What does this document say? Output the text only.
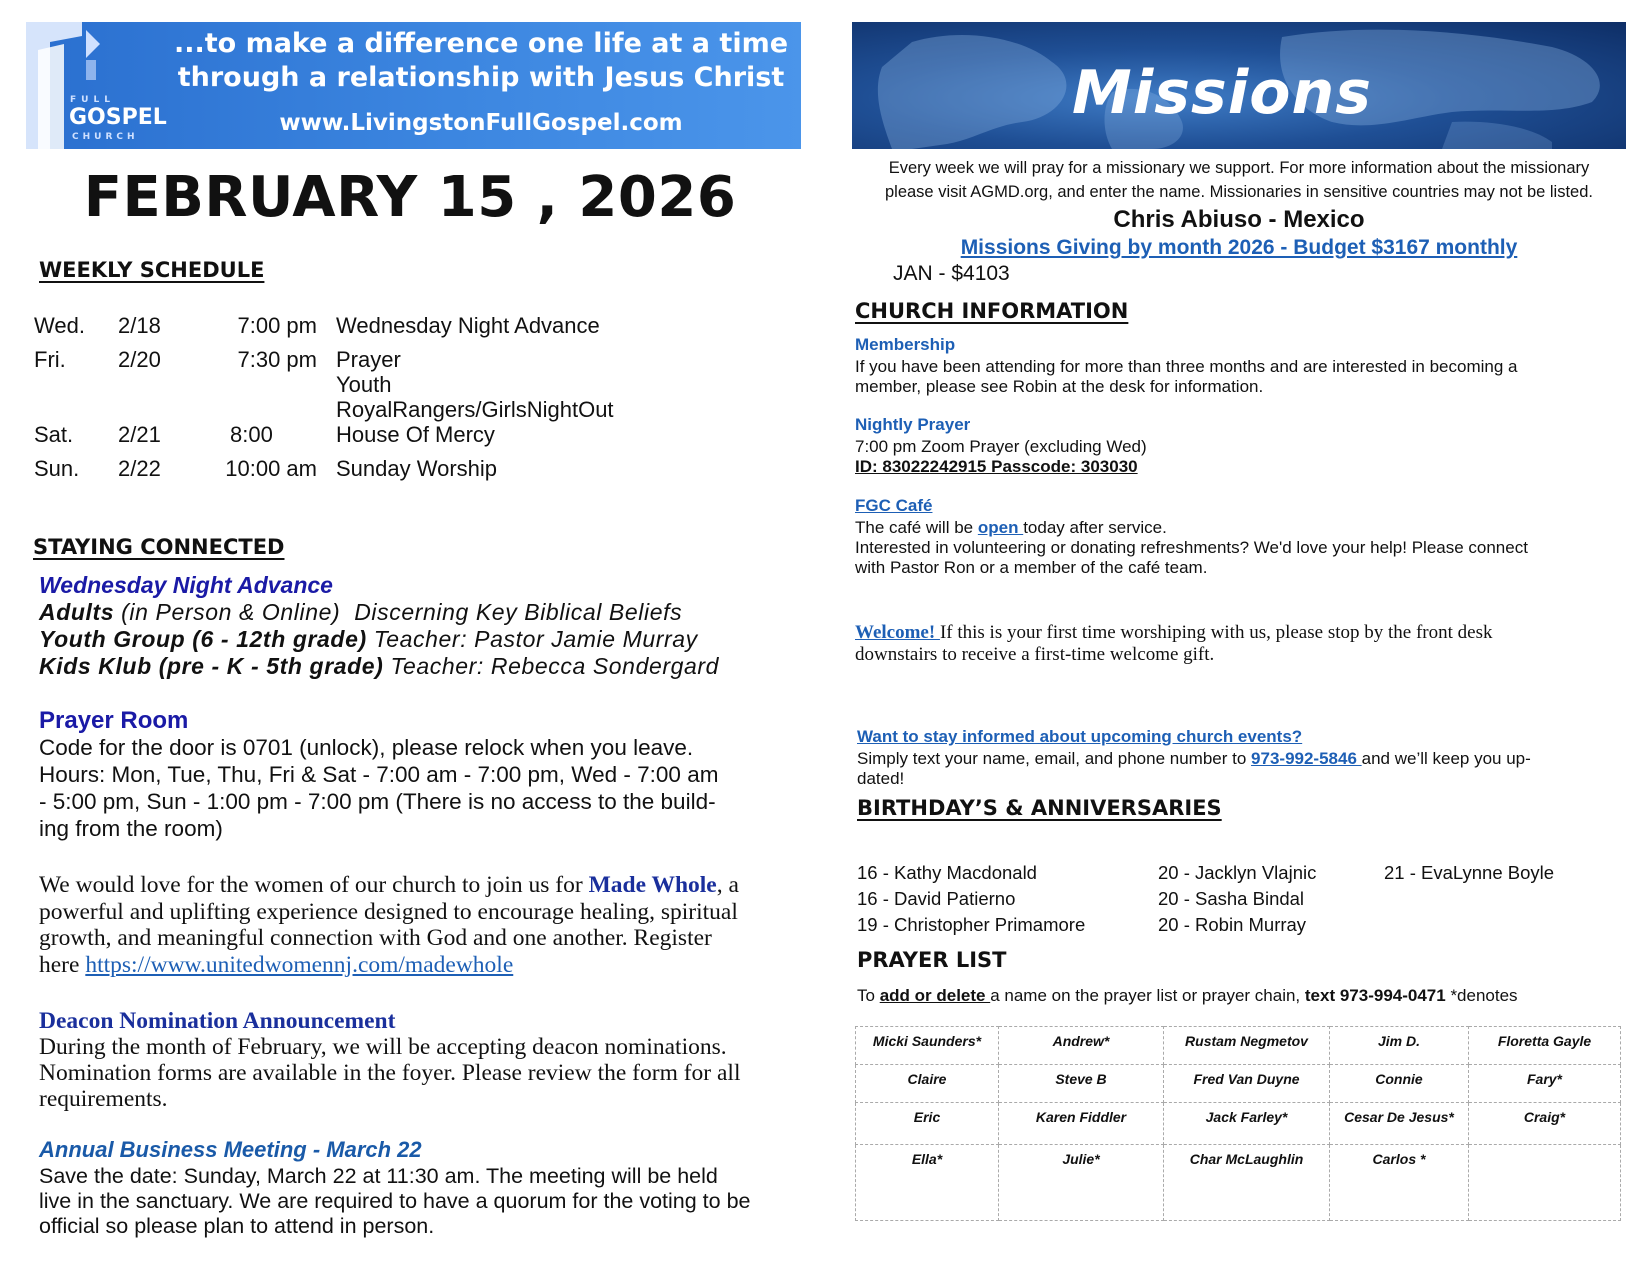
FULL
GOSPEL
CHURCH
...to make a difference one life at a time
through a relationship with Jesus Christ
www.LivingstonFullGospel.com
FEBRUARY 15 , 2026
WEEKLY SCHEDULE
Wed. 2/18	7:00 pm Wednesday Night Advance
Fri. 2/20	7:30 pm Prayer
Youth
RoyalRangers/GirlsNightOut
Sat. 2/21	8:00	House Of Mercy
Sun. 2/22	10:00 am Sunday Worship
STAYING CONNECTED
Wednesday Night Advance
Adults (in Person & Online)  Discerning Key Biblical Beliefs
Youth Group (6 - 12th grade) Teacher: Pastor Jamie Murray
Kids Klub (pre - K - 5th grade) Teacher: Rebecca Sondergard
Prayer Room
Code for the door is 0701 (unlock), please relock when you leave.
Hours: Mon, Tue, Thu, Fri & Sat - 7:00 am - 7:00 pm, Wed - 7:00 am
- 5:00 pm, Sun - 1:00 pm - 7:00 pm (There is no access to the build-
ing from the room)
We would love for the women of our church to join us for Made Whole, a
powerful and uplifting experience designed to encourage healing, spiritual
growth, and meaningful connection with God and one another. Register
here https://www.unitedwomennj.com/madewhole
Deacon Nomination Announcement
During the month of February, we will be accepting deacon nominations.
Nomination forms are available in the foyer. Please review the form for all
requirements.
Annual Business Meeting - March 22
Save the date: Sunday, March 22 at 11:30 am. The meeting will be held
live in the sanctuary. We are required to have a quorum for the voting to be
official so please plan to attend in person.
Missions
Every week we will pray for a missionary we support. For more information about the missionary
please visit AGMD.org, and enter the name. Missionaries in sensitive countries may not be listed.
Chris Abiuso - Mexico
Missions Giving by month 2026 - Budget $3167 monthly
JAN - $4103
CHURCH INFORMATION
Membership
If you have been attending for more than three months and are interested in becoming a
member, please see Robin at the desk for information.
Nightly Prayer
7:00 pm Zoom Prayer (excluding Wed)
ID: 83022242915 Passcode: 303030
FGC Café
The café will be open today after service.
Interested in volunteering or donating refreshments? We'd love your help! Please connect
with Pastor Ron or a member of the café team.
Welcome! If this is your first time worshiping with us, please stop by the front desk
downstairs to receive a first-time welcome gift.
Want to stay informed about upcoming church events?
Simply text your name, email, and phone number to 973-992-5846 and we’ll keep you up-
dated!
BIRTHDAY’S & ANNIVERSARIES
16 - Kathy Macdonald
16 - David Patierno
19 - Christopher Primamore
20 - Jacklyn Vlajnic
20 - Sasha Bindal
20 - Robin Murray
21 - EvaLynne Boyle
PRAYER LIST
To add or delete a name on the prayer list or prayer chain, text 973-994-0471 *denotes
Micki Saunders*	Andrew*	Rustam Negmetov	Jim D.	Floretta Gayle
Claire	Steve B	Fred Van Duyne	Connie	Fary*
Eric	Karen Fiddler	Jack Farley*	Cesar De Jesus*	Craig*
Ella*	Julie*	Char McLaughlin	Carlos *	
